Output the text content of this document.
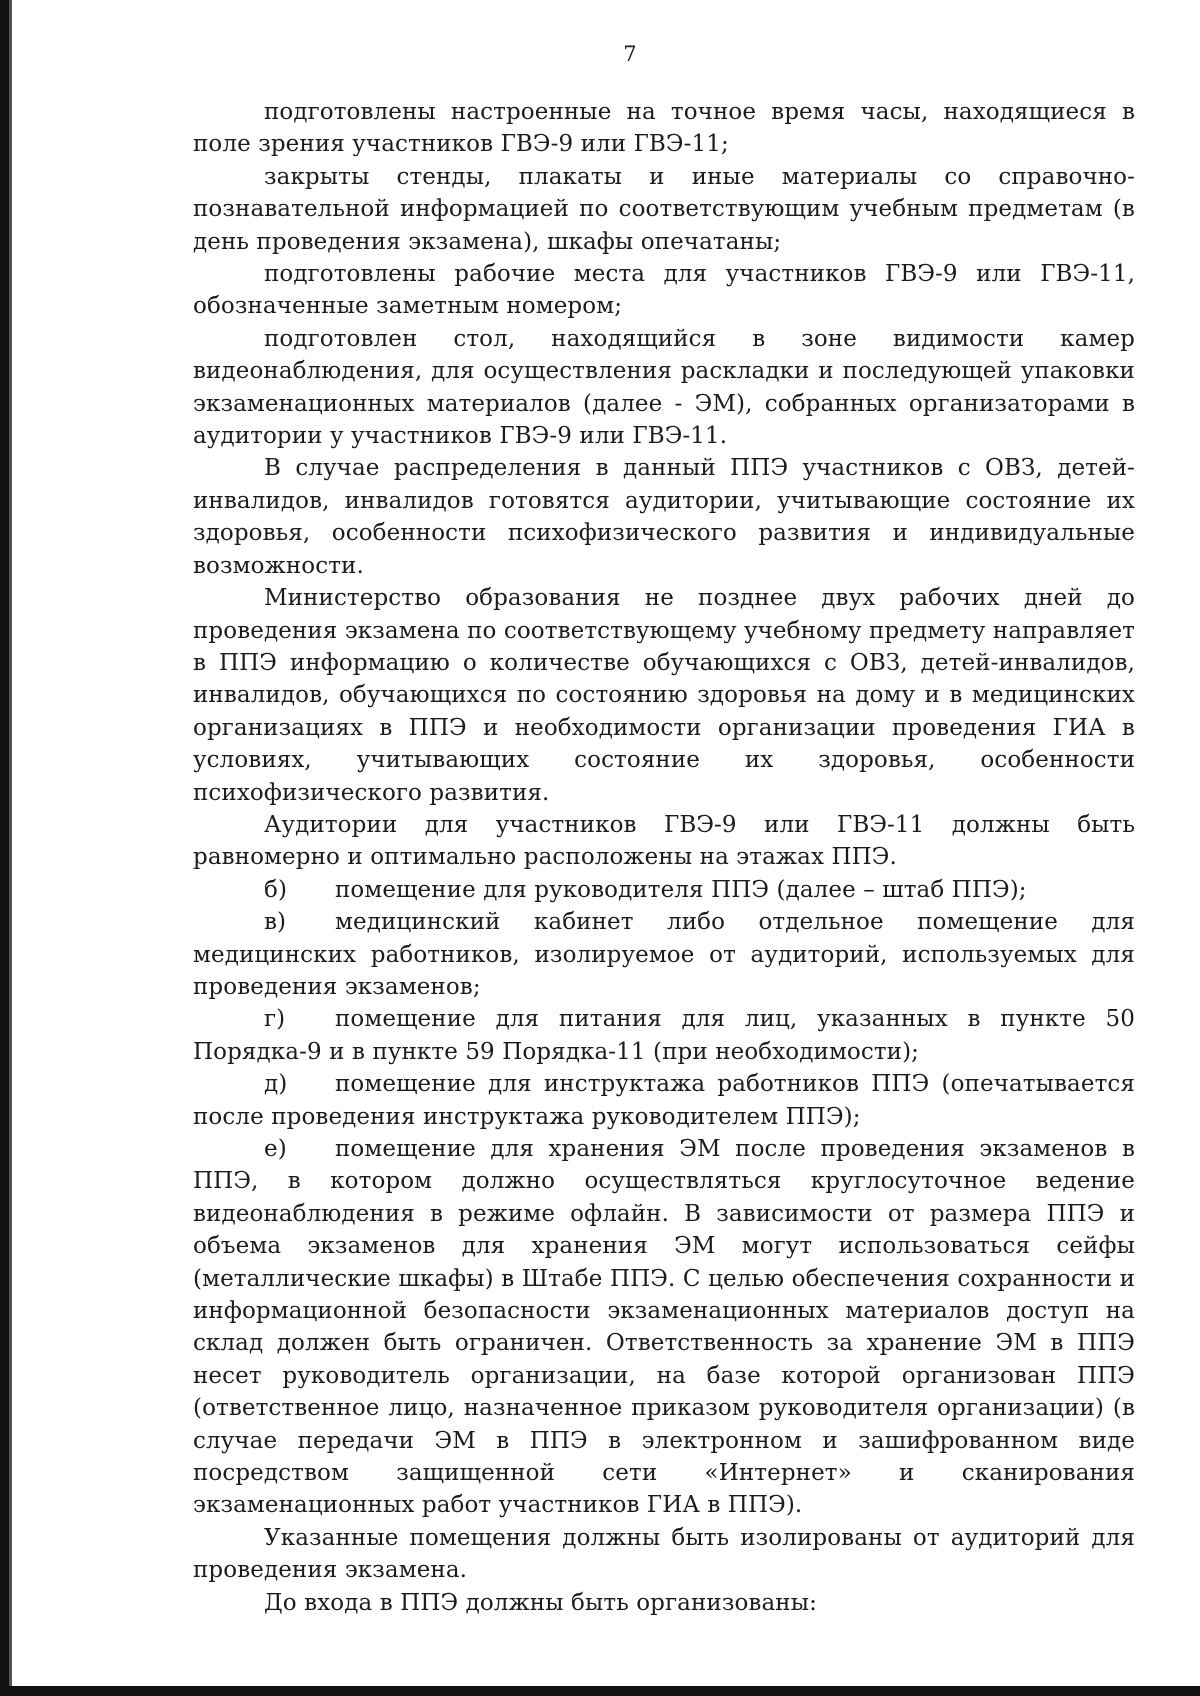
7

подготовлены настроенные на точное время часы, находящиеся в поле зрения участников ГВЭ-9 или ГВЭ-11;

закрыты стенды, плакаты и иные материалы со справочно-познавательной информацией по соответствующим учебным предметам (в день проведения экзамена), шкафы опечатаны;

подготовлены рабочие места для участников ГВЭ-9 или ГВЭ-11, обозначенные заметным номером;

подготовлен стол, находящийся в зоне видимости камер видеонаблюдения, для осуществления раскладки и последующей упаковки экзаменационных материалов (далее - ЭМ), собранных организаторами в аудитории у участников ГВЭ-9 или ГВЭ-11.

В случае распределения в данный ППЭ участников с ОВЗ, детей-инвалидов, инвалидов готовятся аудитории, учитывающие состояние их здоровья, особенности психофизического развития и индивидуальные возможности.

Министерство образования не позднее двух рабочих дней до проведения экзамена по соответствующему учебному предмету направляет в ППЭ информацию о количестве обучающихся с ОВЗ, детей-инвалидов, инвалидов, обучающихся по состоянию здоровья на дому и в медицинских организациях в ППЭ и необходимости организации проведения ГИА в условиях, учитывающих состояние их здоровья, особенности психофизического развития.

Аудитории для участников ГВЭ-9 или ГВЭ-11 должны быть равномерно и оптимально расположены на этажах ППЭ.

б) помещение для руководителя ППЭ (далее – штаб ППЭ);

в) медицинский кабинет либо отдельное помещение для медицинских работников, изолируемое от аудиторий, используемых для проведения экзаменов;

г) помещение для питания для лиц, указанных в пункте 50 Порядка-9 и в пункте 59 Порядка-11 (при необходимости);

д) помещение для инструктажа работников ППЭ (опечатывается после проведения инструктажа руководителем ППЭ);

е) помещение для хранения ЭМ после проведения экзаменов в ППЭ, в котором должно осуществляться круглосуточное ведение видеонаблюдения в режиме офлайн. В зависимости от размера ППЭ и объема экзаменов для хранения ЭМ могут использоваться сейфы (металлические шкафы) в Штабе ППЭ. С целью обеспечения сохранности и информационной безопасности экзаменационных материалов доступ на склад должен быть ограничен. Ответственность за хранение ЭМ в ППЭ несет руководитель организации, на базе которой организован ППЭ (ответственное лицо, назначенное приказом руководителя организации) (в случае передачи ЭМ в ППЭ в электронном и зашифрованном виде посредством защищенной сети «Интернет» и сканирования экзаменационных работ участников ГИА в ППЭ).

Указанные помещения должны быть изолированы от аудиторий для проведения экзамена.

До входа в ППЭ должны быть организованы:
